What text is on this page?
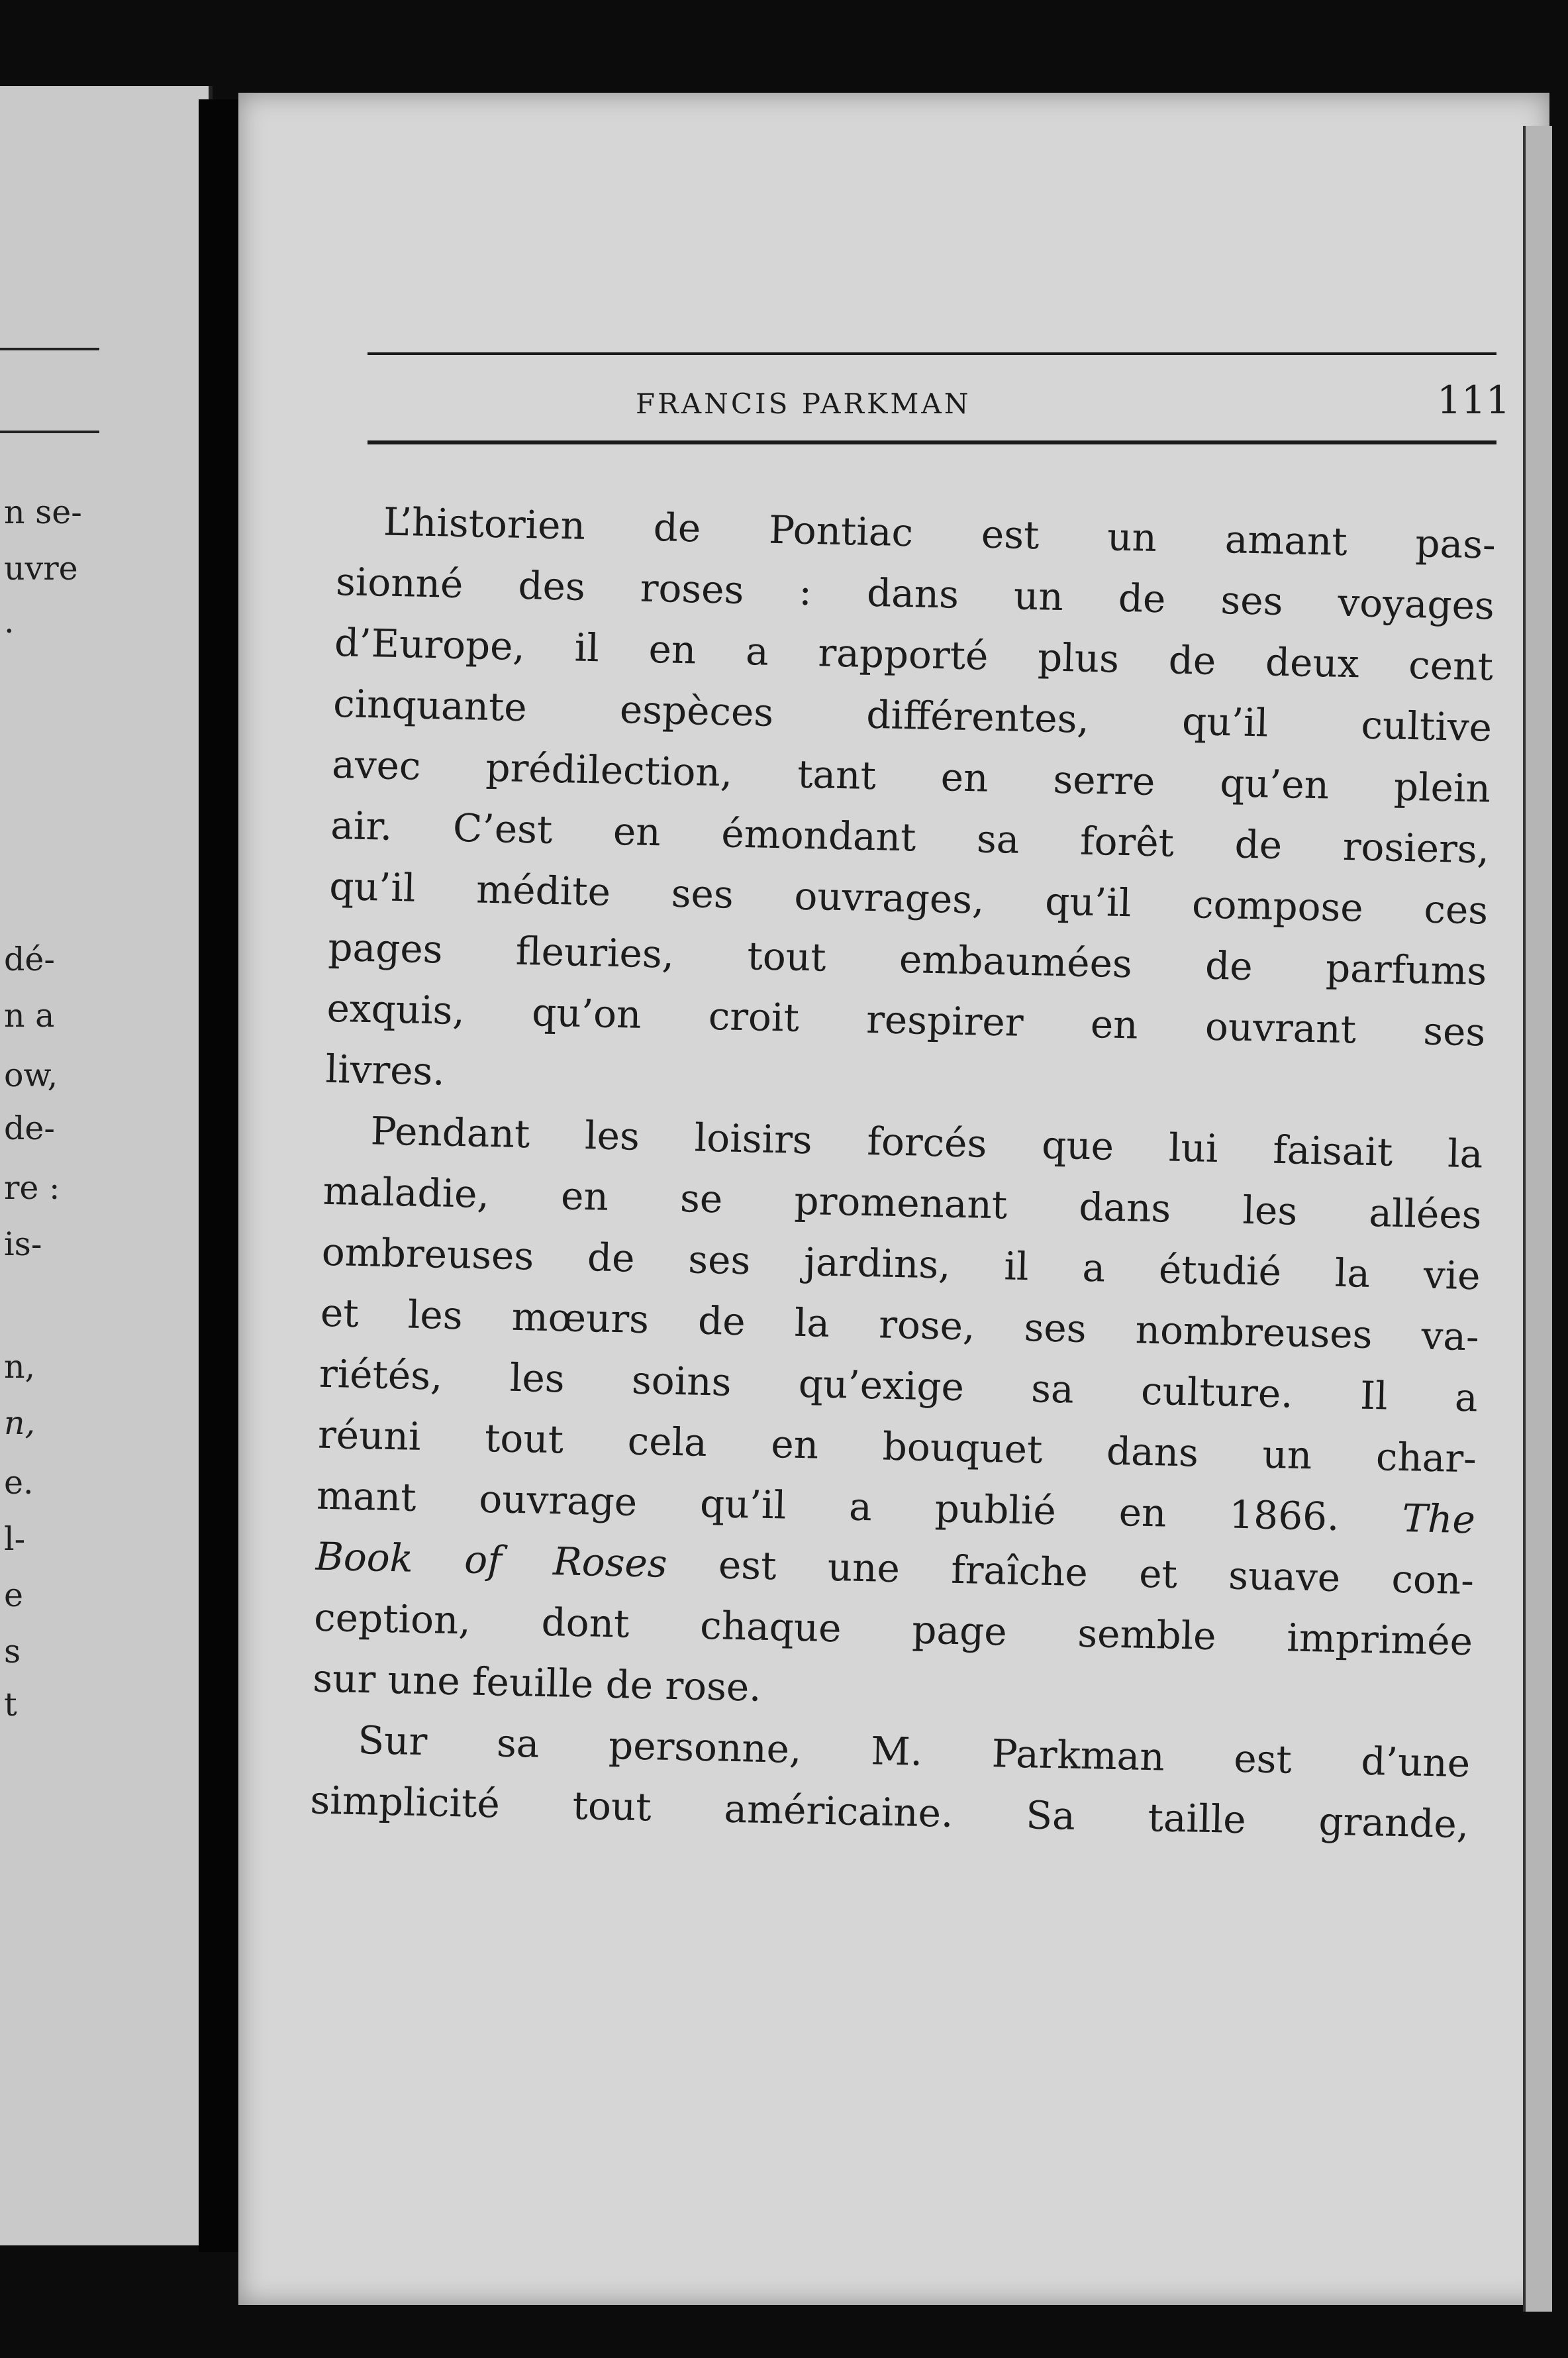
n se-
uvre
.
dé-
n a
ow,
de-
re :
is-
n,
n,
e.
l-
e
s
t
FRANCIS PARKMAN	111
L’historien de Pontiac est un amant pas-
sionné des roses : dans un de ses voyages
d’Europe, il en a rapporté plus de deux cent
cinquante espèces différentes, qu’il cultive
avec prédilection, tant en serre qu’en plein
air. C’est en émondant sa forêt de rosiers,
qu’il médite ses ouvrages, qu’il compose ces
pages fleuries, tout embaumées de parfums
exquis, qu’on croit respirer en ouvrant ses
livres.
Pendant les loisirs forcés que lui faisait la
maladie, en se promenant dans les allées
ombreuses de ses jardins, il a étudié la vie
et les mœurs de la rose, ses nombreuses va-
riétés, les soins qu’exige sa culture. Il a
réuni tout cela en bouquet dans un char-
mant ouvrage qu’il a publié en 1866. The
Book of Roses est une fraîche et suave con-
ception, dont chaque page semble imprimée
sur une feuille de rose.
Sur sa personne, M. Parkman est d’une
simplicité tout américaine. Sa taille grande,
